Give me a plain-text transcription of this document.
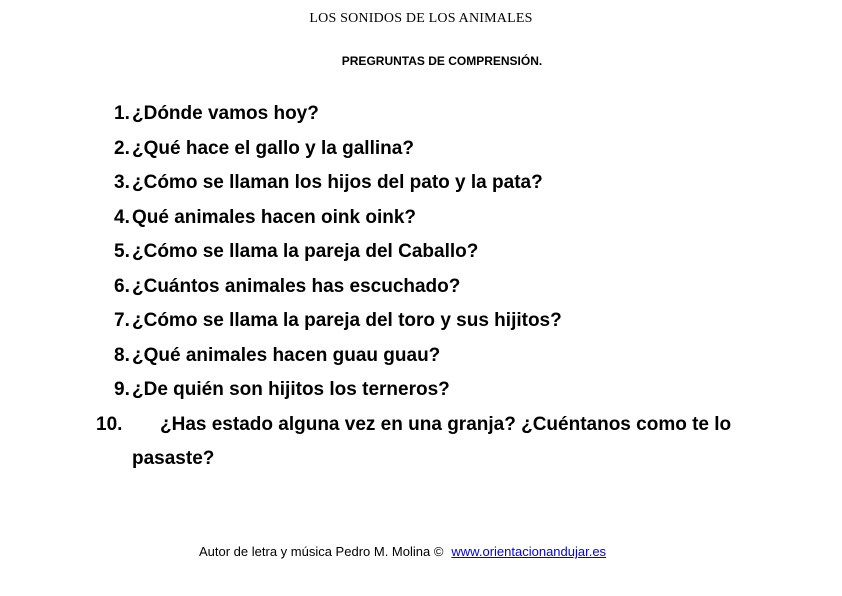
LOS SONIDOS DE LOS ANIMALES
PREGRUNTAS DE COMPRENSIÓN.
1. ¿Dónde vamos hoy?
2. ¿Qué hace el gallo y la gallina?
3. ¿Cómo se llaman los hijos del pato y la pata?
4. Qué animales hacen oink oink?
5. ¿Cómo se llama la pareja del Caballo?
6. ¿Cuántos animales has escuchado?
7. ¿Cómo se llama la pareja del toro y sus hijitos?
8. ¿Qué animales hacen guau guau?
9. ¿De quién son hijitos los terneros?
10. ¿Has estado alguna vez en una granja? ¿Cuéntanos como te lo pasaste?
Autor de letra y música Pedro M. Molina © www.orientacionandujar.es
